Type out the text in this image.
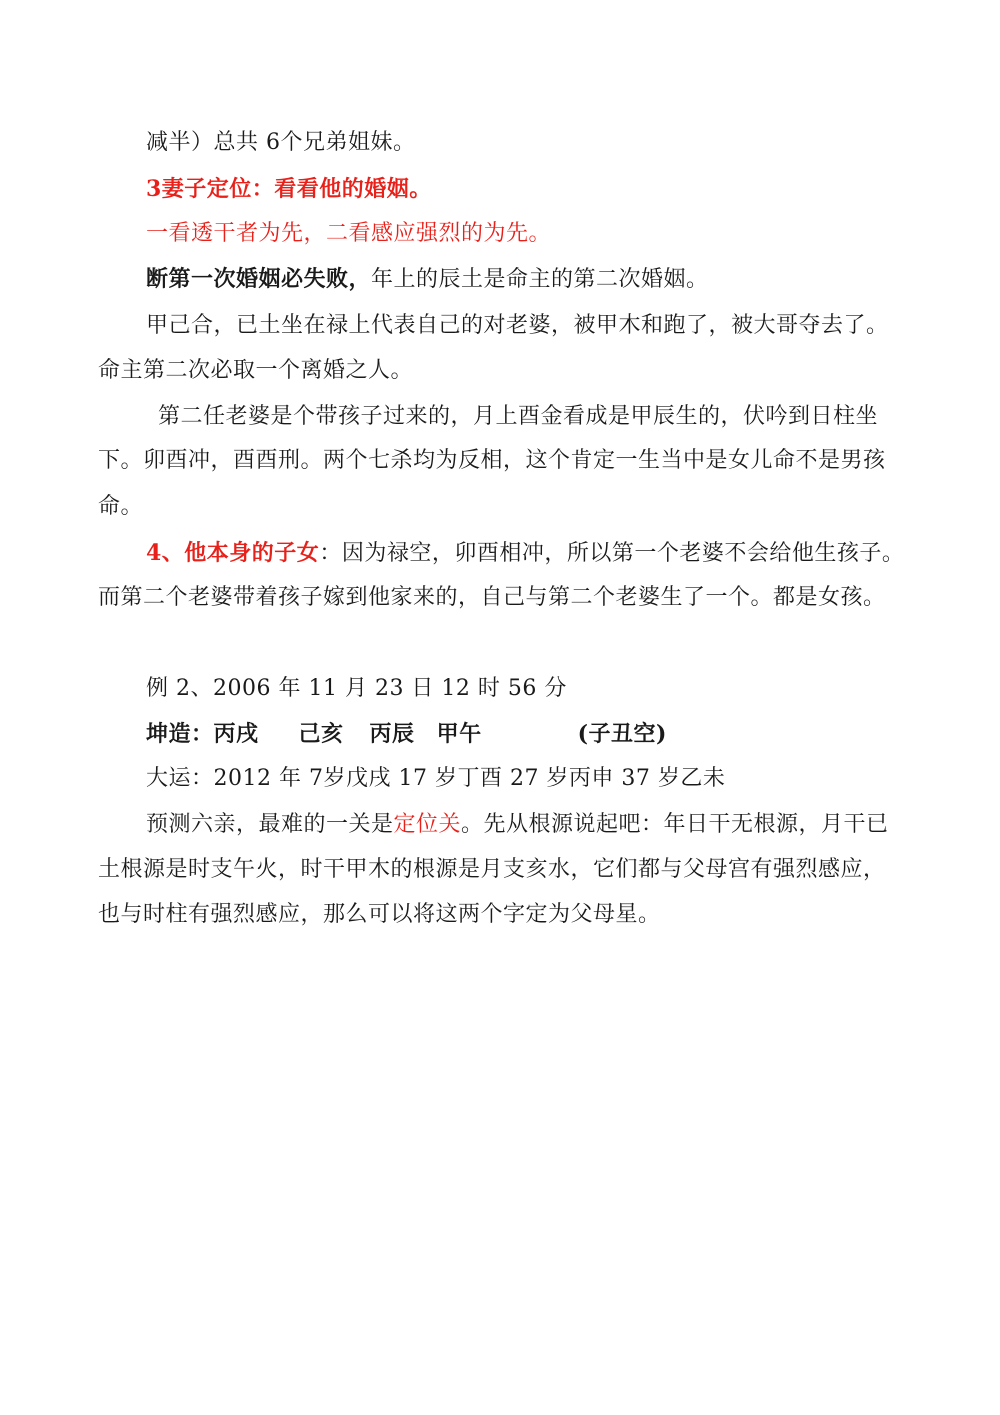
减半）总共 6个兄弟姐妹。
3妻子定位：看看他的婚姻。
一看透干者为先，二看感应强烈的为先。
断第一次婚姻必失败，年上的辰土是命主的第二次婚姻。
甲己合，已土坐在禄上代表自己的对老婆，被甲木和跑了，被大哥夺去了。
命主第二次必取一个离婚之人。
第二任老婆是个带孩子过来的，月上酉金看成是甲辰生的，伏吟到日柱坐
下。卯酉冲，酉酉刑。两个七杀均为反相，这个肯定一生当中是女儿命不是男孩
命。
4、他本身的子女：因为禄空，卯酉相冲，所以第一个老婆不会给他生孩子。
而第二个老婆带着孩子嫁到他家来的，自己与第二个老婆生了一个。都是女孩。
例 2、2006 年 11 月 23 日 12 时 56 分
坤造：丙戌 己亥 丙辰 甲午	(子丑空)
大运：2012 年 7岁戊戌 17 岁丁酉 27 岁丙申 37 岁乙未
预测六亲，最难的一关是定位关。先从根源说起吧：年日干无根源，月干已
土根源是时支午火，时干甲木的根源是月支亥水，它们都与父母宫有强烈感应，
也与时柱有强烈感应，那么可以将这两个字定为父母星。
